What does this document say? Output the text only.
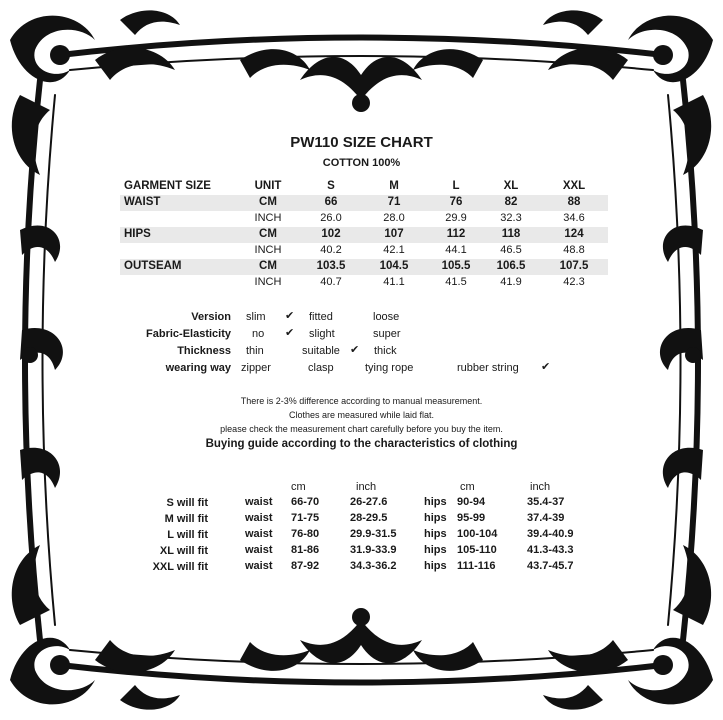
PW110 SIZE CHART
COTTON 100%
GARMENT SIZE	UNIT	S	M	L	XL	XXL
WAIST	CM	66	71	76	82	88
INCH	26.0	28.0	29.9	32.3	34.6
HIPS	CM	102	107	112	118	124
INCH	40.2	42.1	44.1	46.5	48.8
OUTSEAM	CM	103.5	104.5	105.5	106.5	107.5
INCH	40.7	41.1	41.5	41.9	42.3
Version slim ✔ fitted	loose
Fabric-Elasticity no ✔ slight	super
Thickness thin	suitable ✔ thick
wearing way zipper	clasp	tying rope	rubber string ✔
There is 2-3% difference according to manual measurement.
Clothes are measured while laid flat.
please check the measurement chart carefully before you buy the item.
Buying guide according to the characteristics of clothing
cm	inch	cm	inch
S will fit	waist 66-70	26-27.6	hips 90-94	35.4-37
M will fit	waist 71-75	28-29.5	hips 95-99	37.4-39
L will fit	waist 76-80	29.9-31.5	hips 100-104	39.4-40.9
XL will fit	waist 81-86	31.9-33.9	hips 105-110	41.3-43.3
XXL will fit	waist 87-92	34.3-36.2	hips 111-116	43.7-45.7
